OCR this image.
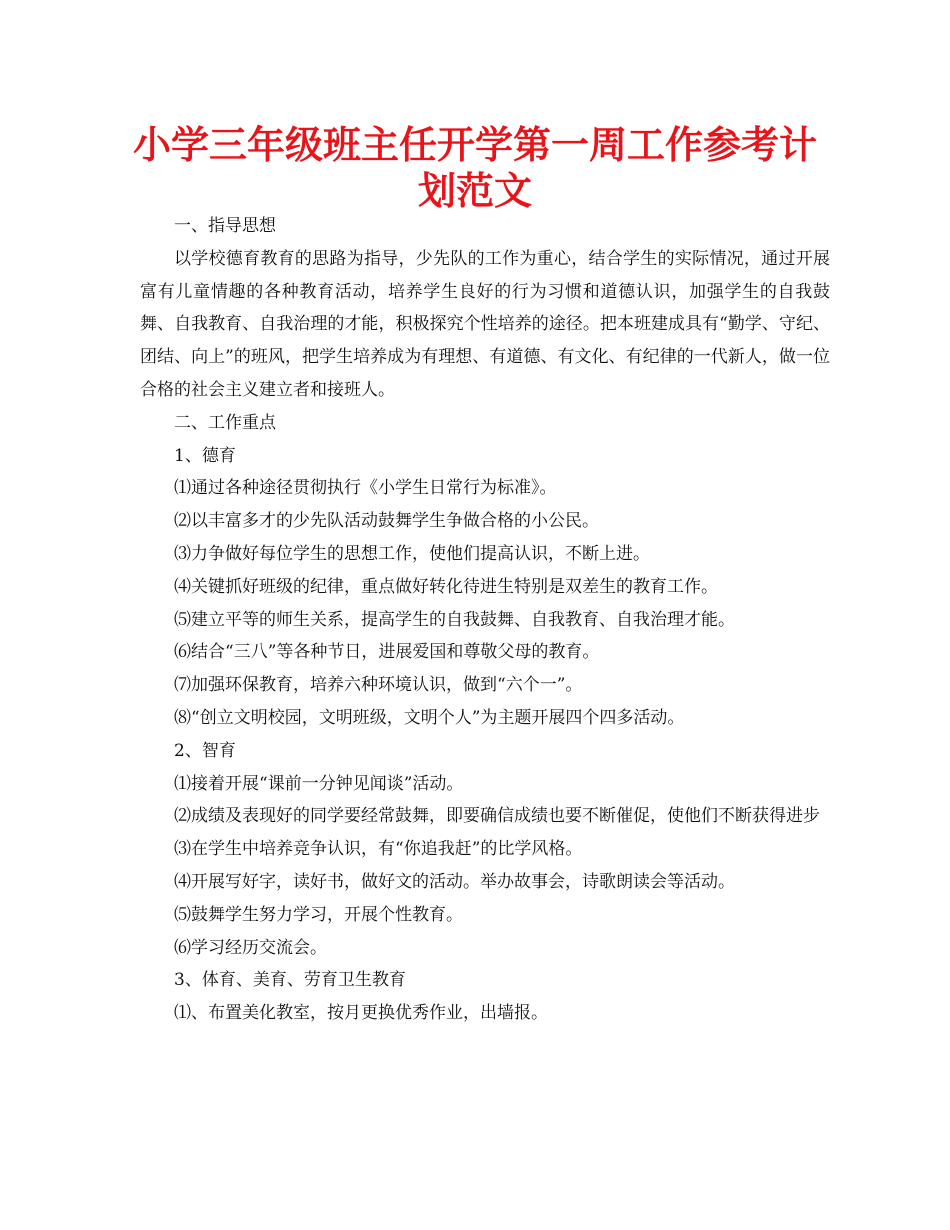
小学三年级班主任开学第一周工作参考计
划范文

一、指导思想

以学校德育教育的思路为指导，少先队的工作为重心，结合学生的实际情况，通过开展富有儿童情趣的各种教育活动，培养学生良好的行为习惯和道德认识，加强学生的自我鼓舞、自我教育、自我治理的才能，积极探究个性培养的途径。把本班建成具有“勤学、守纪、团结、向上”的班风，把学生培养成为有理想、有道德、有文化、有纪律的一代新人，做一位合格的社会主义建立者和接班人。

二、工作重点

1、德育

⑴通过各种途径贯彻执行《小学生日常行为标准》。

⑵以丰富多才的少先队活动鼓舞学生争做合格的小公民。

⑶力争做好每位学生的思想工作，使他们提高认识，不断上进。

⑷关键抓好班级的纪律，重点做好转化待进生特别是双差生的教育工作。

⑸建立平等的师生关系，提高学生的自我鼓舞、自我教育、自我治理才能。

⑹结合“三八”等各种节日，进展爱国和尊敬父母的教育。

⑺加强环保教育，培养六种环境认识，做到“六个一”。

⑻“创立文明校园，文明班级，文明个人”为主题开展四个四多活动。

2、智育

⑴接着开展“课前一分钟见闻谈”活动。

⑵成绩及表现好的同学要经常鼓舞，即要确信成绩也要不断催促，使他们不断获得进步

⑶在学生中培养竞争认识，有“你追我赶”的比学风格。

⑷开展写好字，读好书，做好文的活动。举办故事会，诗歌朗读会等活动。

⑸鼓舞学生努力学习，开展个性教育。

⑹学习经历交流会。

3、体育、美育、劳育卫生教育

⑴、布置美化教室，按月更换优秀作业，出墙报。
